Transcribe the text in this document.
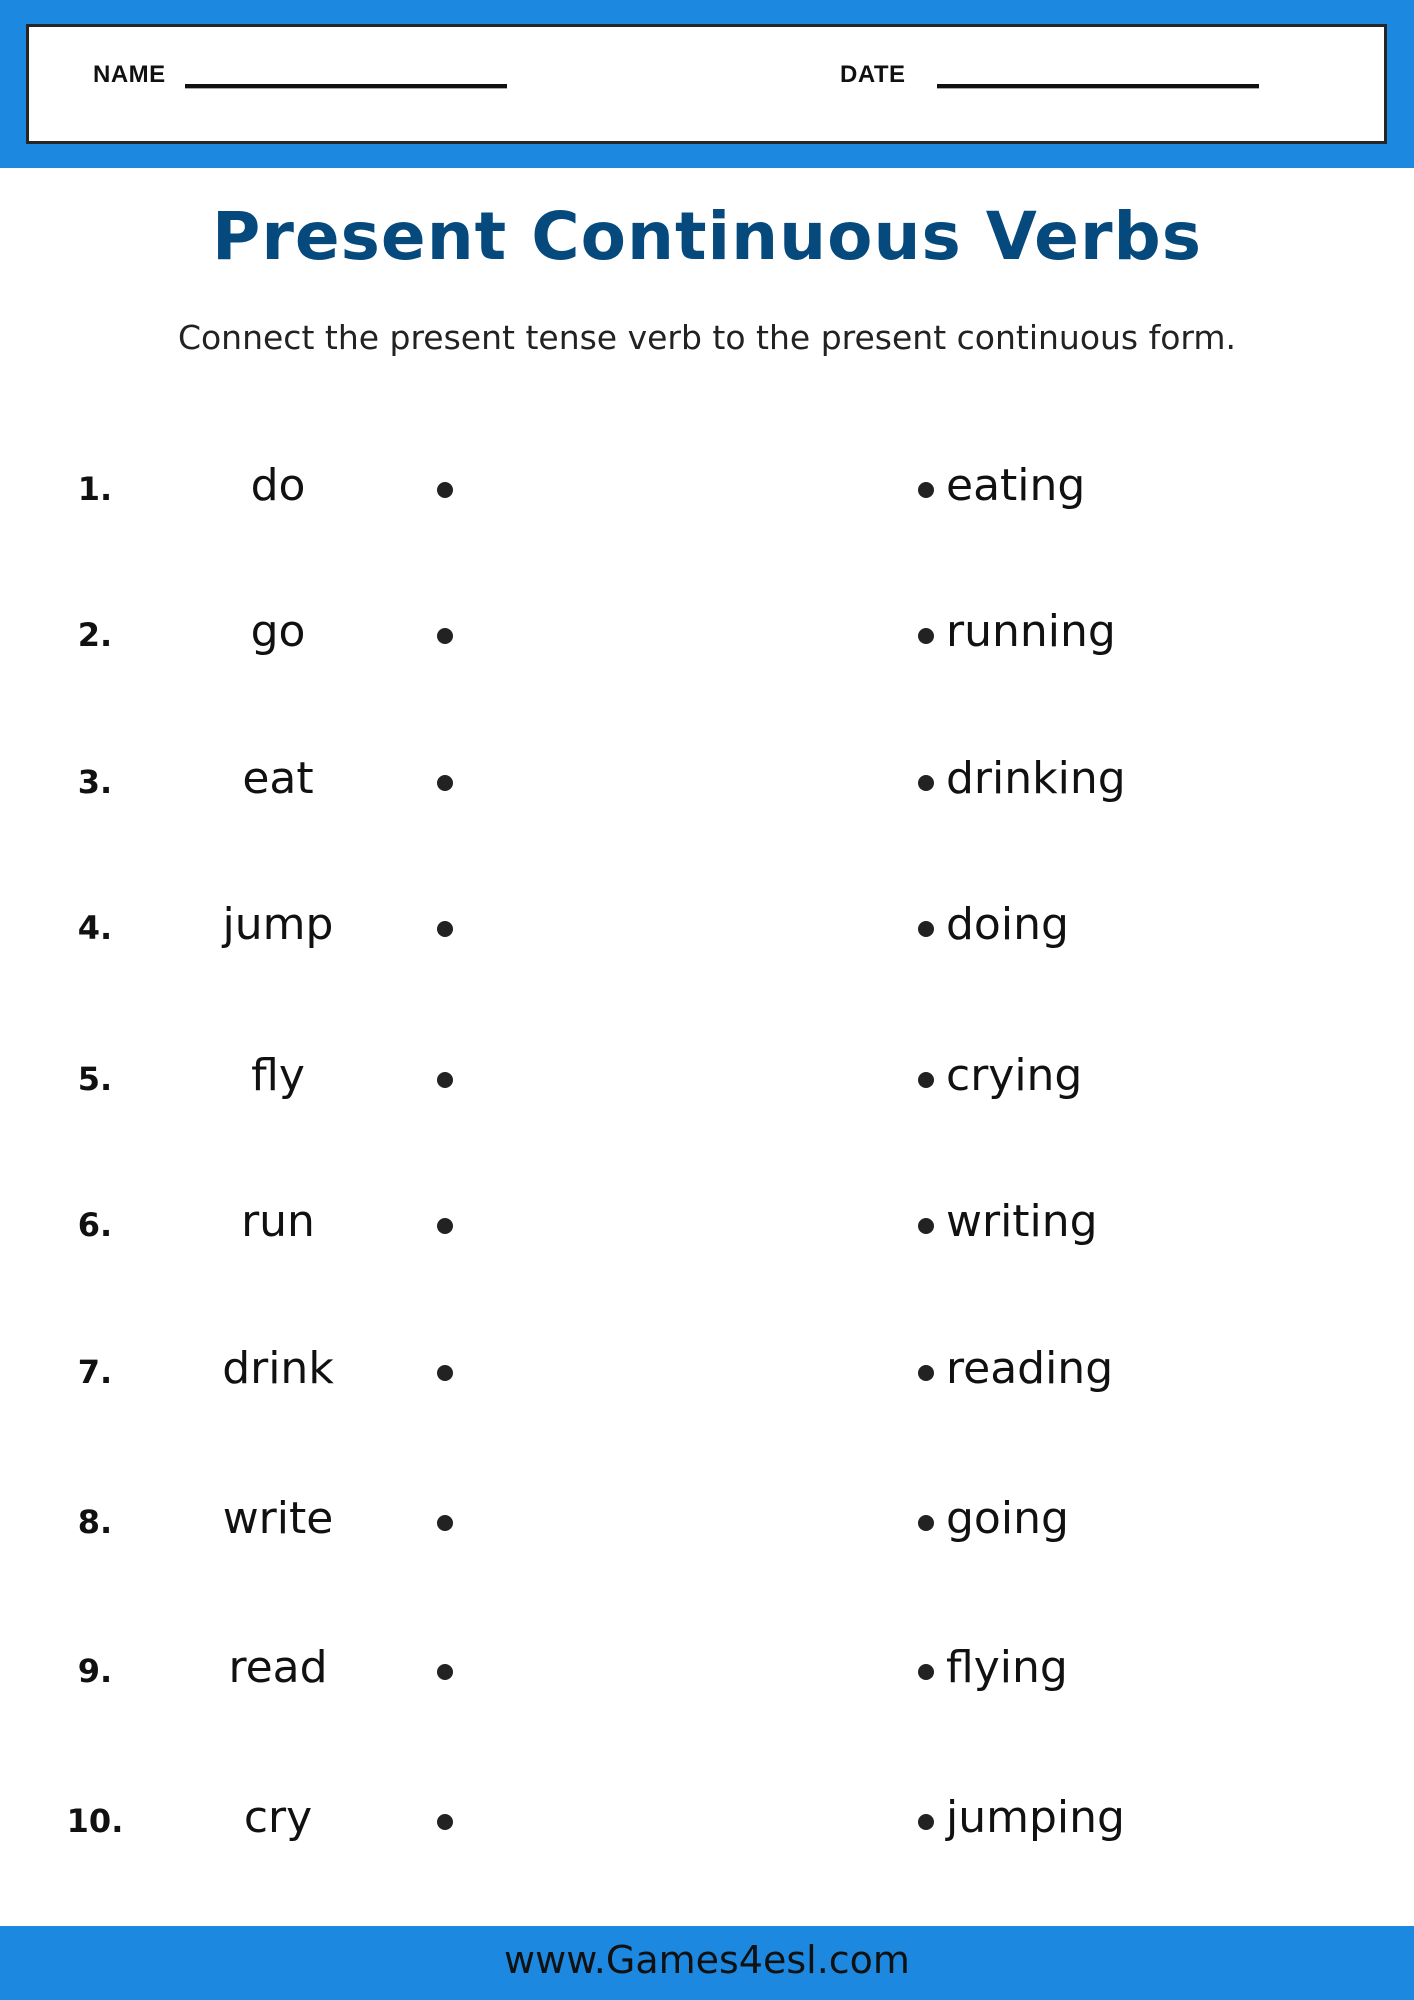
NAME	DATE
Present Continuous Verbs

Connect the present tense verb to the present continuous form.

1.	do	eating
2.	go	running
3.	eat	drinking
4.	jump	doing
5.	fly	crying
6.	run	writing
7.	drink	reading
8.	write	going
9.	read	flying
10.	cry	jumping
www.Games4esl.com
